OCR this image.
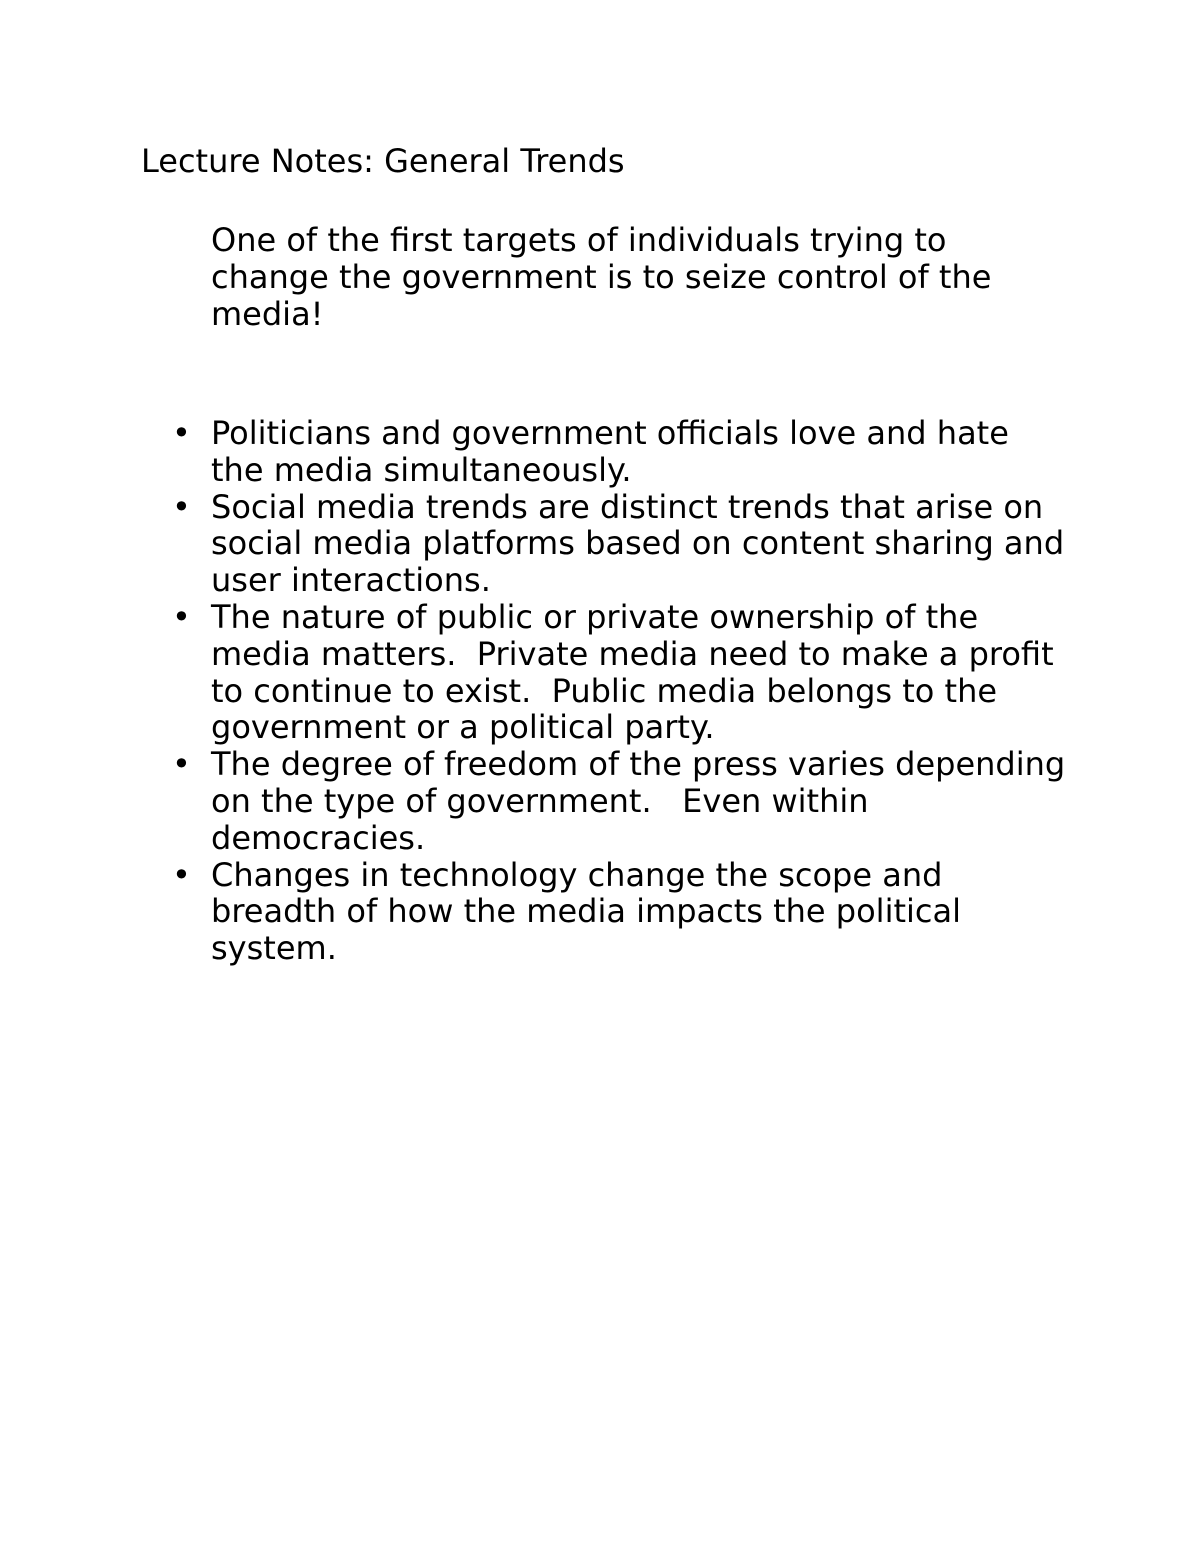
Lecture Notes: General Trends

One of the first targets of individuals trying to change the government is to seize control of the media!

• Politicians and government officials love and hate the media simultaneously.
• Social media trends are distinct trends that arise on social media platforms based on content sharing and user interactions.
• The nature of public or private ownership of the media matters.  Private media need to make a profit to continue to exist.  Public media belongs to the government or a political party.
• The degree of freedom of the press varies depending on the type of government.   Even within democracies.
• Changes in technology change the scope and breadth of how the media impacts the political system.
